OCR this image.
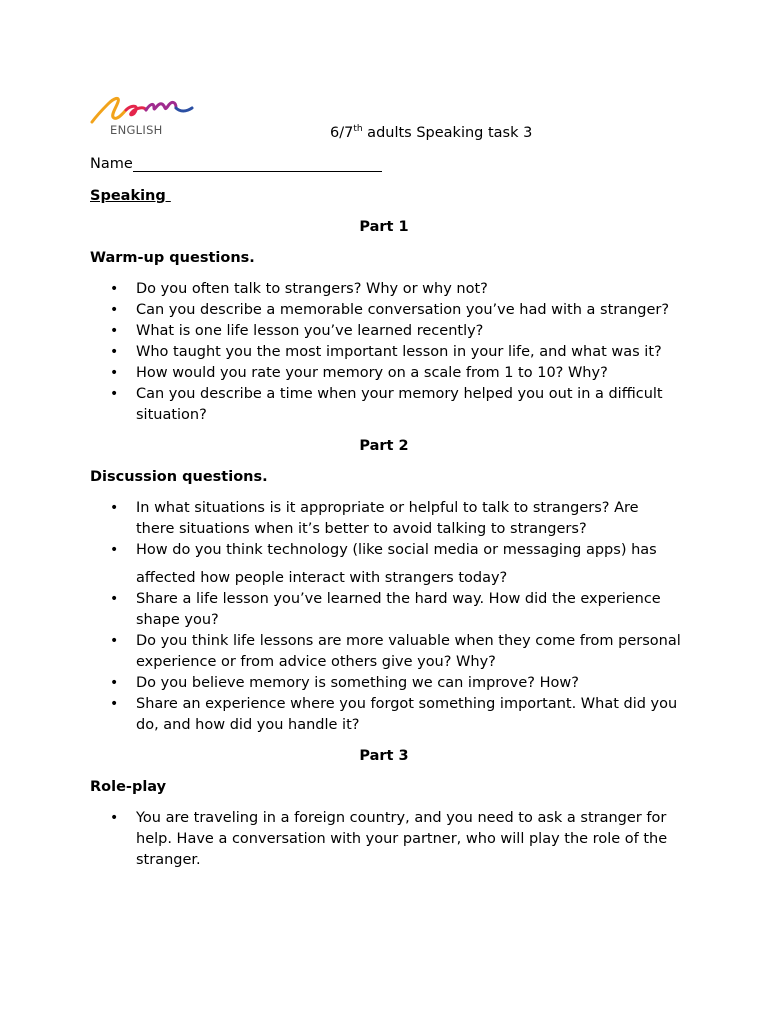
ENGLISH	6/7th adults Speaking task 3
Name

Speaking

Part 1

Warm-up questions.

• Do you often talk to strangers? Why or why not?
• Can you describe a memorable conversation you’ve had with a stranger?
• What is one life lesson you’ve learned recently?
• Who taught you the most important lesson in your life, and what was it?
• How would you rate your memory on a scale from 1 to 10? Why?
• Can you describe a time when your memory helped you out in a difficult situation?

Part 2

Discussion questions.

• In what situations is it appropriate or helpful to talk to strangers? Are there situations when it’s better to avoid talking to strangers?
• How do you think technology (like social media or messaging apps) has
affected how people interact with strangers today?
• Share a life lesson you’ve learned the hard way. How did the experience shape you?
• Do you think life lessons are more valuable when they come from personal experience or from advice others give you? Why?
• Do you believe memory is something we can improve? How?
• Share an experience where you forgot something important. What did you do, and how did you handle it?

Part 3

Role-play

• You are traveling in a foreign country, and you need to ask a stranger for help. Have a conversation with your partner, who will play the role of the stranger.
